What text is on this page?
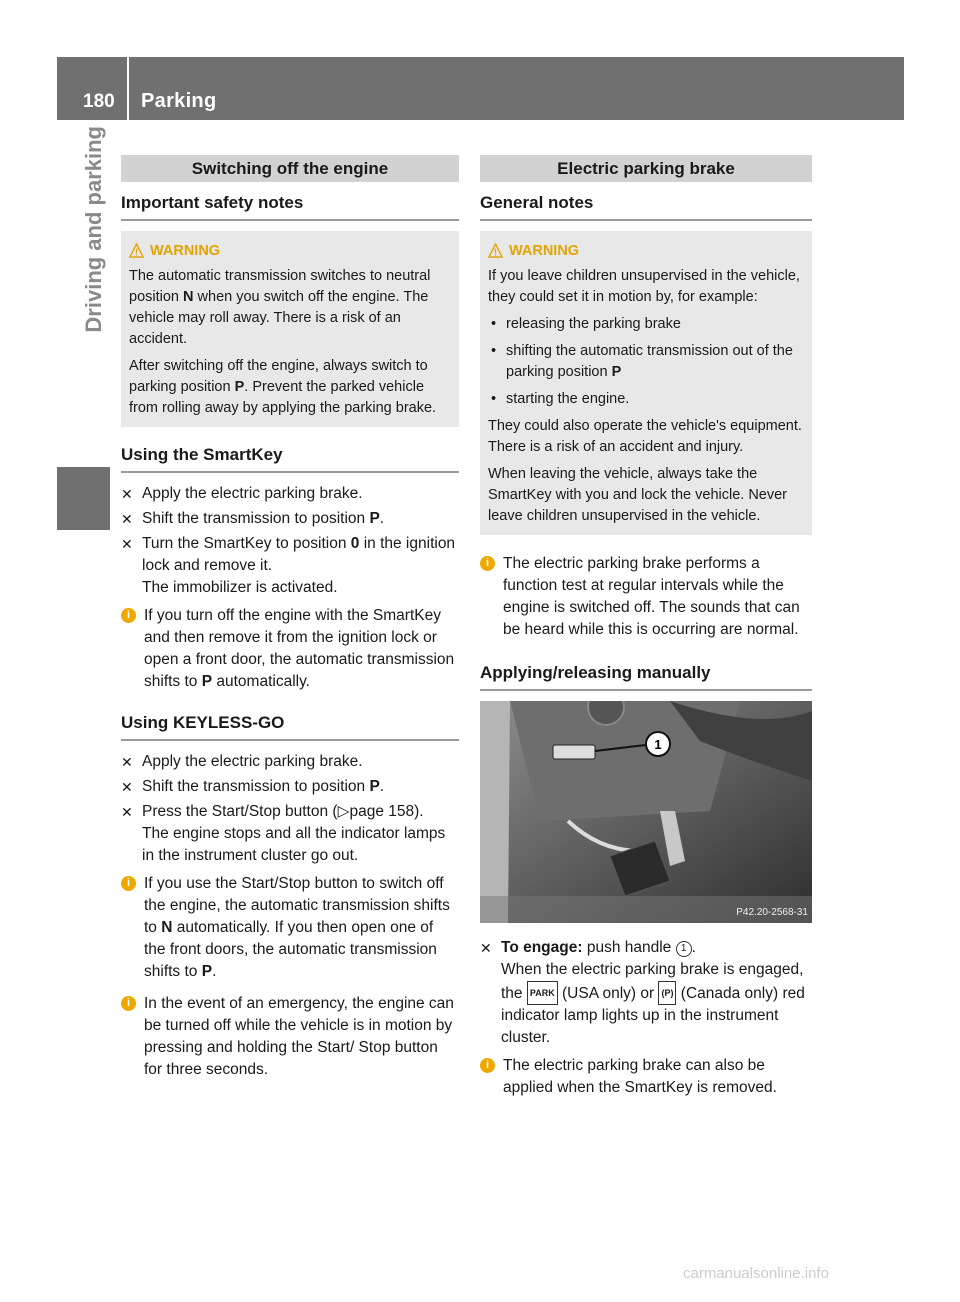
180 Parking
Driving and parking	Switching off the engine
Important safety notes
WARNING

The automatic transmission switches to neutral position N when you switch off the engine. The vehicle may roll away. There is a risk of an accident.

After switching off the engine, always switch to parking position P. Prevent the parked vehicle from rolling away by applying the parking brake.

Using the SmartKey
✕ Apply the electric parking brake.
✕ Shift the transmission to position P.
✕ Turn the SmartKey to position 0 in the ignition lock and remove it.
The immobilizer is activated.
i If you turn off the engine with the SmartKey and then remove it from the ignition lock or open a front door, the automatic transmission shifts to P automatically.
Using KEYLESS-GO
✕ Apply the electric parking brake.
✕ Shift the transmission to position P.
✕ Press the Start/Stop button (▷page 158).
The engine stops and all the indicator lamps in the instrument cluster go out.
i If you use the Start/Stop button to switch off the engine, the automatic transmission shifts to N automatically. If you then open one of the front doors, the automatic transmission shifts to P.
i In the event of an emergency, the engine can be turned off while the vehicle is in motion by pressing and holding the Start/ Stop button for three seconds.
Electric parking brake
General notes
WARNING

If you leave children unsupervised in the vehicle, they could set it in motion by, for example:

• releasing the parking brake

• shifting the automatic transmission out of the parking position P

• starting the engine.

They could also operate the vehicle's equipment. There is a risk of an accident and injury.

When leaving the vehicle, always take the SmartKey with you and lock the vehicle. Never leave children unsupervised in the vehicle.

i The electric parking brake performs a function test at regular intervals while the engine is switched off. The sounds that can be heard while this is occurring are normal.
Applying/releasing manually
1
P42.20-2568-31
✕ To engage: push handle 1 .
When the electric parking brake is engaged, the PARK (USA only) or (P) (Canada only) red indicator lamp lights up in the instrument cluster.
i The electric parking brake can also be applied when the SmartKey is removed.
carmanualsonline.info
